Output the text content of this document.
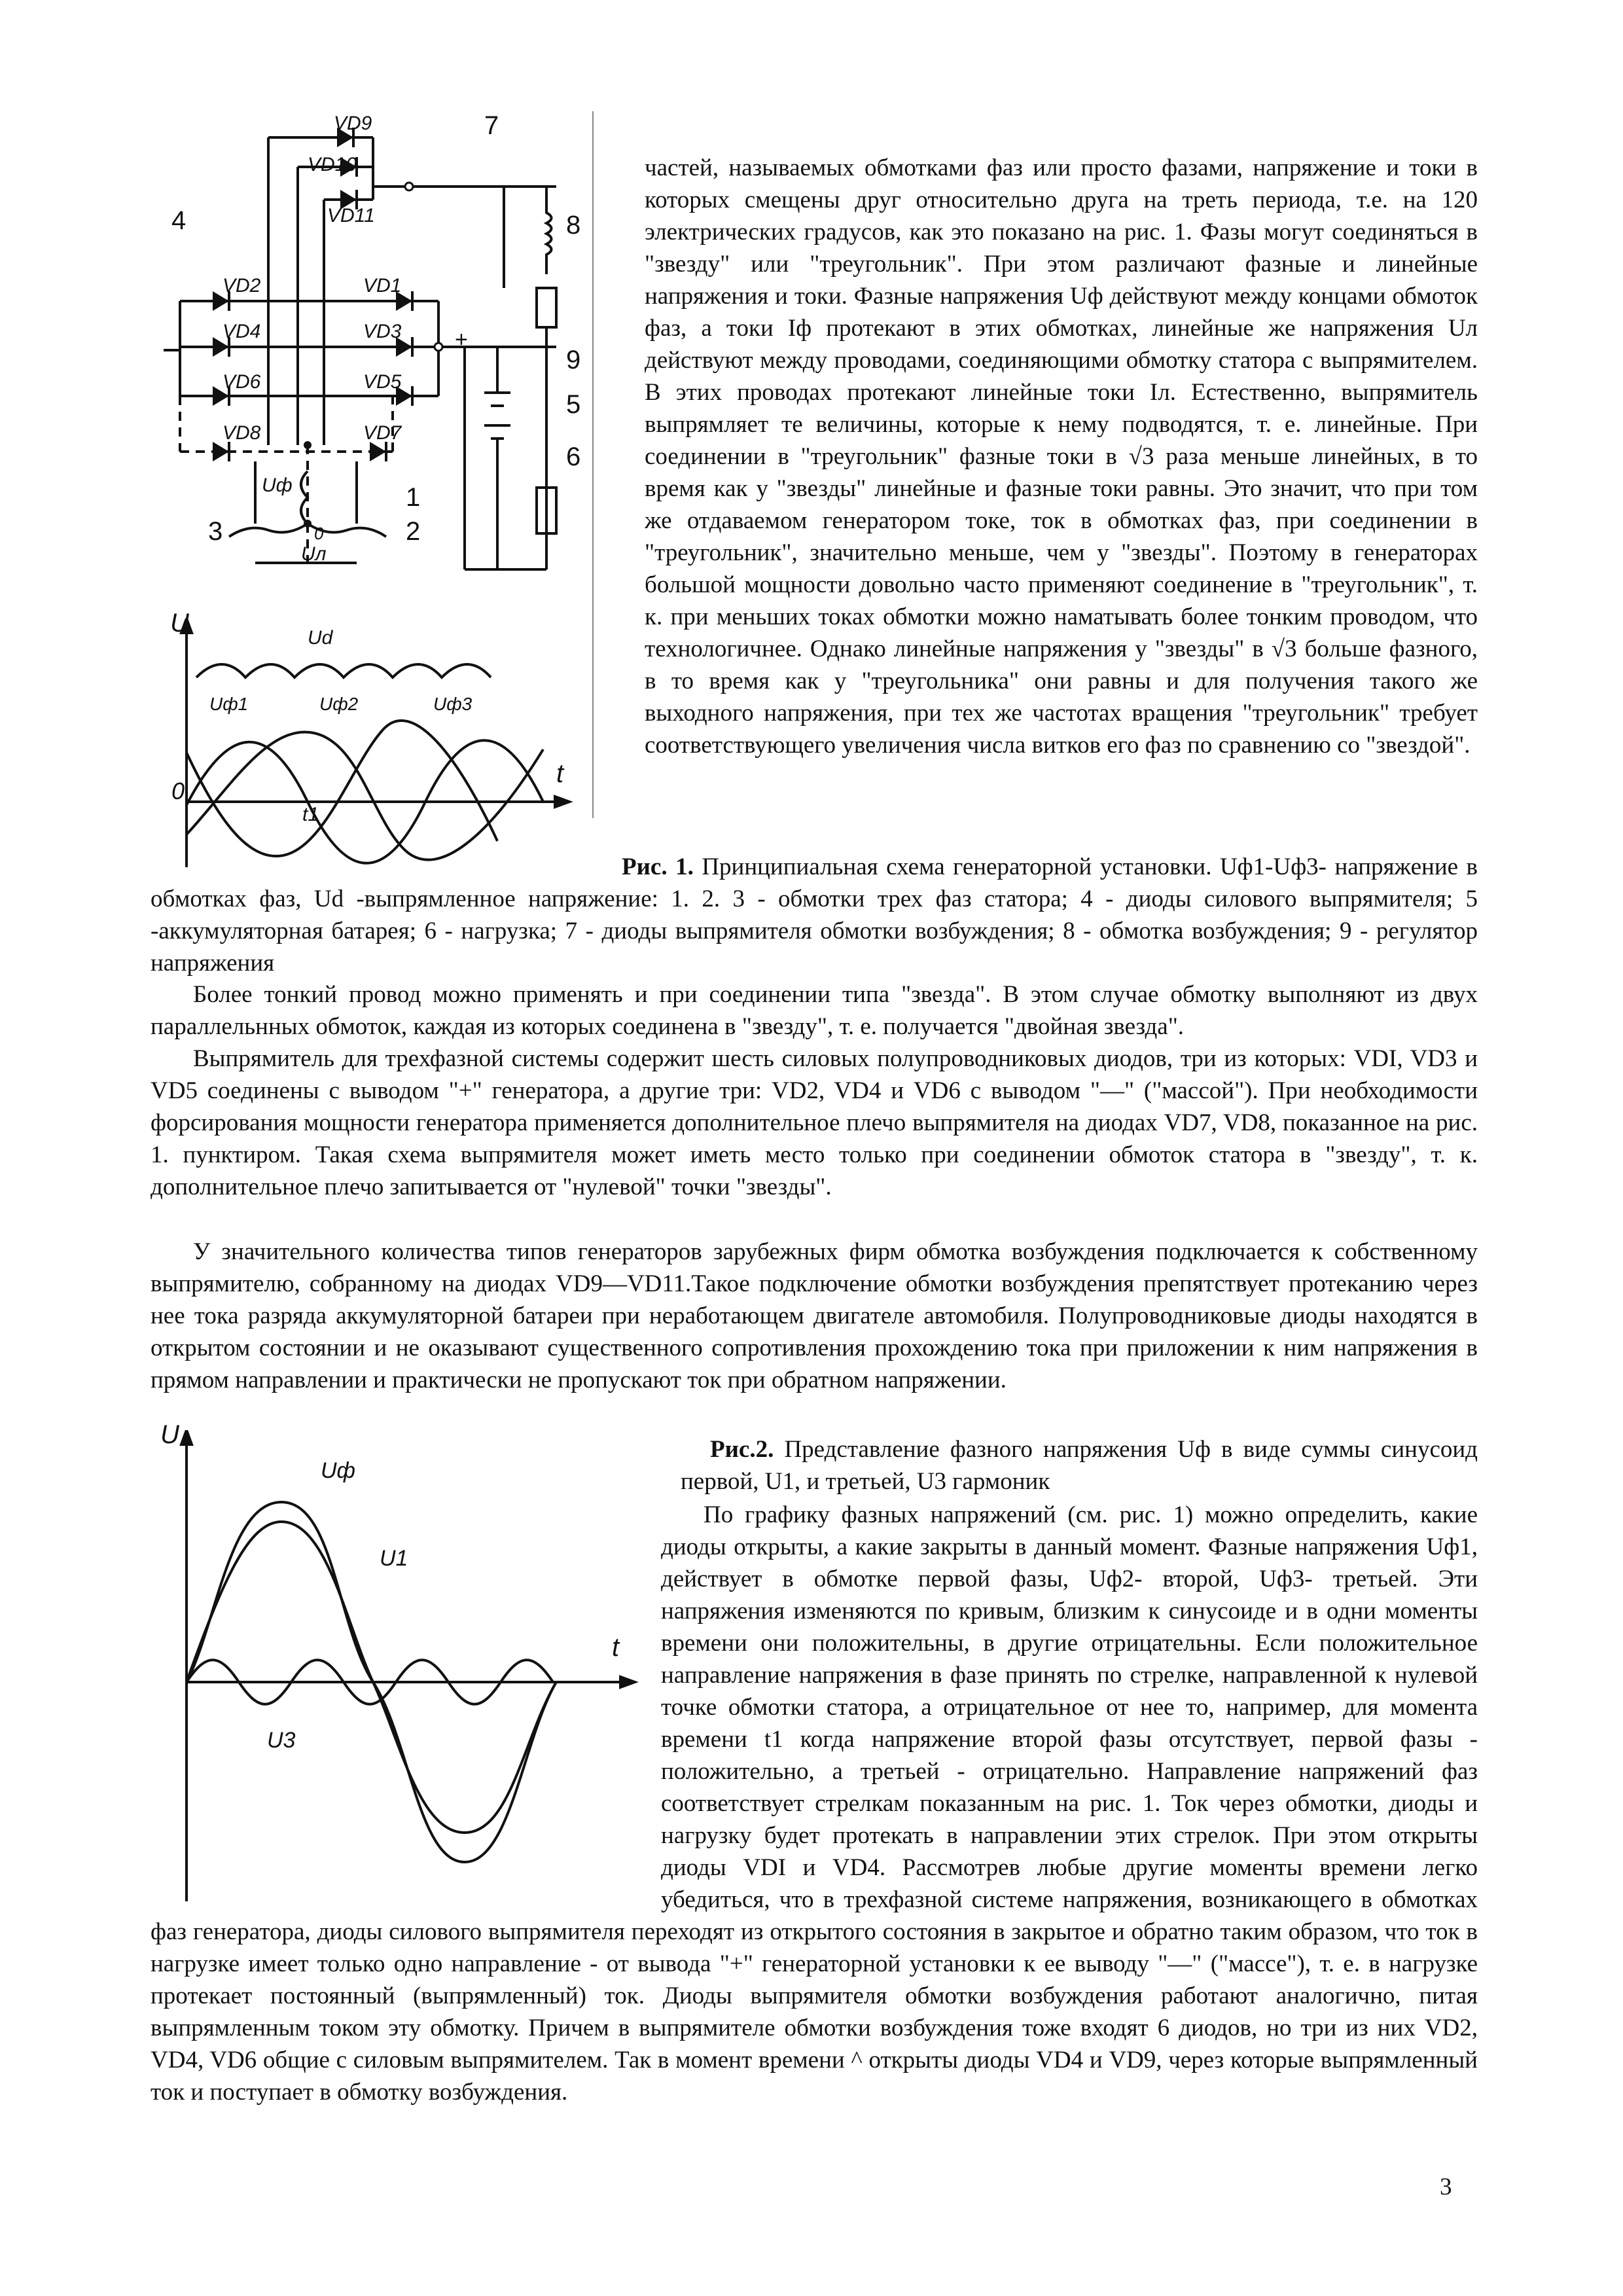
VD9
VD10
VD11
VD2	VD1
VD4	VD3
VD6	VD5
VD8	VD7
7
8
4
9
5
6
1
3	2
Uф
0
Uл
+
U
t
0
Ud
Uф1	Uф2	Uф3
t1

частей, называемых обмотками фаз или просто фазами, напряжение и токи в которых смещены друг относительно друга на треть периода, т.е. на 120 электрических градусов, как это показано на рис. 1. Фазы могут соединяться в "звезду" или "треугольник". При этом различают фазные и линейные напряжения и токи. Фазные напряжения Uф действуют между концами обмоток фаз, а токи Iф протекают в этих обмотках, линейные же напряжения Uл действуют между проводами, соединяющими обмотку статора с выпрямителем. В этих проводах протекают линейные токи Iл. Естественно, выпрямитель выпрямляет те величины, которые к нему подводятся, т. е. линейные. При соединении в "треугольник" фазные токи в √3 раза меньше линейных, в то время как у "звезды" линейные и фазные токи равны. Это значит, что при том же отдаваемом генератором токе, ток в обмотках фаз, при соединении в "треугольник", значительно меньше, чем у "звезды". Поэтому в генераторах большой мощности довольно часто применяют соединение в "треугольник", т. к. при меньших токах обмотки можно наматывать более тонким проводом, что технологичнее. Однако линейные напряжения у "звезды" в √3 больше фазного, в то время как у "треугольника" они равны и для получения такого же выходного напряжения, при тех же частотах вращения "треугольник" требует соответствующего увеличения числа витков его фаз по сравнению со "звездой".

Рис. 1. Принципиальная схема генераторной установки. Uф1-Uф3- напряжение в обмотках фаз, Ud -выпрямленное напряжение: 1. 2. 3 - обмотки трех фаз статора; 4 - диоды силового выпрямителя; 5 -аккумуляторная батарея; 6 - нагрузка; 7 - диоды выпрямителя обмотки возбуждения; 8 - обмотка возбуждения; 9 - регулятор напряжения

Более тонкий провод можно применять и при соединении типа "звезда". В этом случае обмотку выполняют из двух параллельнных обмоток, каждая из которых соединена в "звезду", т. е. получается "двойная звезда".

Выпрямитель для трехфазной системы содержит шесть силовых полупроводниковых диодов, три из которых: VDI, VD3 и VD5 соединены с выводом "+" генератора, а другие три: VD2, VD4 и VD6 с выводом "—" ("массой"). При необходимости форсирования мощности генератора применяется дополнительное плечо выпрямителя на диодах VD7, VD8, показанное на рис. 1. пунктиром. Такая схема выпрямителя может иметь место только при соединении обмоток статора в "звезду", т. к. дополнительное плечо запитывается от "нулевой" точки "звезды".

У значительного количества типов генераторов зарубежных фирм обмотка возбуждения подключается к собственному выпрямителю, собранному на диодах VD9—VD11.Такое подключение обмотки возбуждения препятствует протеканию через нее тока разряда аккумуляторной батареи при неработающем двигателе автомобиля. Полупроводниковые диоды находятся в открытом состоянии и не оказывают существенного сопротивления прохождению тока при приложении к ним напряжения в прямом направлении и практически не пропускают ток при обратном напряжении.

U
t
Uф
U1
U3

Рис.2. Представление фазного напряжения Uф в виде суммы синусоид первой, U1, и третьей, U3 гармоник

По графику фазных напряжений (см. рис. 1) можно определить, какие диоды открыты, а какие закрыты в данный момент. Фазные напряжения Uф1, действует в обмотке первой фазы, Uф2- второй, Uф3- третьей. Эти напряжения изменяются по кривым, близким к синусоиде и в одни моменты времени они положительны, в другие отрицательны. Если положительное направление напряжения в фазе принять по стрелке, направленной к нулевой точке обмотки статора, а отрицательное от нее то, например, для момента времени t1 когда напряжение второй фазы отсутствует, первой фазы - положительно, а третьей - отрицательно. Направление напряжений фаз соответствует стрелкам показанным на рис. 1. Ток через обмотки, диоды и нагрузку будет протекать в направлении этих стрелок. При этом открыты диоды VDI и VD4. Рассмотрев любые другие моменты времени легко убедиться, что в трехфазной системе напряжения, возникающего в обмотках фаз генератора, диоды силового выпрямителя переходят из открытого состояния в закрытое и обратно таким образом, что ток в нагрузке имеет только одно направление - от вывода "+" генераторной установки к ее выводу "—" ("массе"), т. е. в нагрузке протекает постоянный (выпрямленный) ток. Диоды выпрямителя обмотки возбуждения работают аналогично, питая выпрямленным током эту обмотку. Причем в выпрямителе обмотки возбуждения тоже входят 6 диодов, но три из них VD2, VD4, VD6 общие с силовым выпрямителем. Так в момент времени ^ открыты диоды VD4 и VD9, через которые выпрямленный ток и поступает в обмотку возбуждения.

3
